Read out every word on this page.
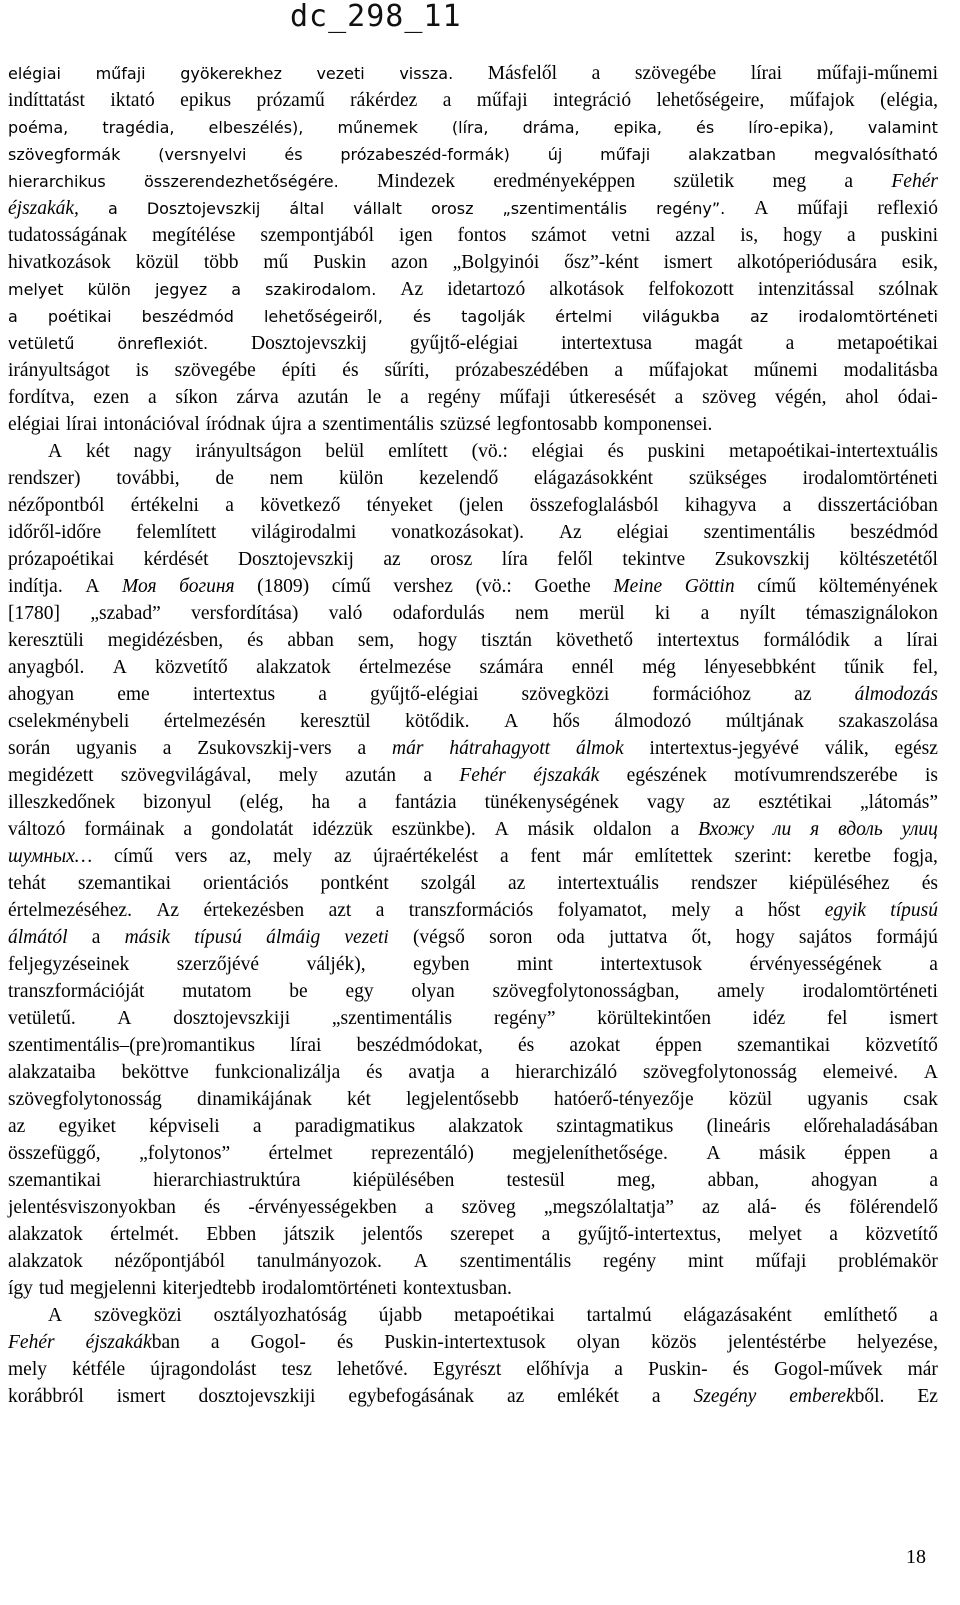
dc_298_11
elégiai műfaji gyökerekhez vezeti vissza. Másfelől a szövegébe lírai műfaji-műnemi
indíttatást iktató epikus prózamű rákérdez a műfaji integráció lehetőségeire, műfajok (elégia,
poéma, tragédia, elbeszélés), műnemek (líra, dráma, epika, és líro-epika), valamint
szövegformák (versnyelvi és prózabeszéd-formák) új műfaji alakzatban megvalósítható
hierarchikus összerendezhetőségére. Mindezek eredményeképpen születik meg a Fehér
éjszakák, a Dosztojevszkij által vállalt orosz „szentimentális regény”. A műfaji reflexió
tudatosságának megítélése szempontjából igen fontos számot vetni azzal is, hogy a puskini
hivatkozások közül több mű Puskin azon „Bolgyinói ősz”-ként ismert alkotóperiódusára esik,
melyet külön jegyez a szakirodalom. Az idetartozó alkotások felfokozott intenzitással szólnak
a poétikai beszédmód lehetőségeiről, és tagolják értelmi világukba az irodalomtörténeti
vetületű	önreflexiót. Dosztojevszkij gyűjtő-elégiai intertextusa magát a metapoétikai
irányultságot is szövegébe építi és sűríti, prózabeszédében a műfajokat műnemi modalitásba
fordítva, ezen a síkon zárva azután le a regény műfaji útkeresését a szöveg végén, ahol ódai-
elégiai lírai intonációval íródnak újra a szentimentális szüzsé legfontosabb komponensei.
A két nagy irányultságon belül említett (vö.: elégiai és puskini metapoétikai-intertextuális
rendszer) további, de nem külön kezelendő elágazásokként szükséges irodalomtörténeti
nézőpontból értékelni a következő tényeket (jelen összefoglalásból kihagyva a disszertációban
időről-időre felemlített világirodalmi vonatkozásokat). Az elégiai szentimentális beszédmód
prózapoétikai kérdését Dosztojevszkij az orosz líra felől tekintve Zsukovszkij költészetétől
indítja. A Моя богиня (1809) című vershez (vö.: Goethe Meine Göttin című költeményének
[1780] „szabad” versfordítása) való odafordulás nem merül ki a nyílt témaszignálokon
keresztüli megidézésben, és abban sem, hogy tisztán követhető intertextus formálódik a lírai
anyagból. A közvetítő alakzatok értelmezése számára ennél még lényesebbként tűnik fel,
ahogyan eme intertextus a gyűjtő-elégiai szövegközi formációhoz az álmodozás
cselekménybeli értelmezésén keresztül kötődik. A hős álmodozó múltjának szakaszolása
során ugyanis a Zsukovszkij-vers a már hátrahagyott álmok intertextus-jegyévé válik, egész
megidézett szövegvilágával, mely azután a Fehér éjszakák egészének motívumrendszerébe is
illeszkedőnek bizonyul (elég, ha a fantázia tünékenységének vagy az esztétikai „látomás”
változó formáinak a gondolatát idézzük eszünkbe). A másik oldalon a Вхожу ли я вдоль улиц
шумных… című vers az, mely az újraértékelést a fent már említettek szerint: keretbe fogja,
tehát szemantikai orientációs pontként szolgál az intertextuális rendszer kiépüléséhez és
értelmezéséhez. Az értekezésben azt a transzformációs folyamatot, mely a hőst egyik típusú
álmától a másik típusú álmáig vezeti (végső soron oda juttatva őt, hogy sajátos formájú
feljegyzéseinek szerzőjévé váljék), egyben mint intertextusok érvényességének a
transzformációját mutatom be egy olyan szövegfolytonosságban, amely irodalomtörténeti
vetületű. A dosztojevszkiji „szentimentális regény” körültekintően idéz fel ismert
szentimentális–(pre)romantikus lírai beszédmódokat, és azokat éppen szemantikai közvetítő
alakzataiba beköttve funkcionalizálja és avatja a hierarchizáló szövegfolytonosság elemeivé. A
szövegfolytonosság dinamikájának két legjelentősebb hatóerő-tényezője közül ugyanis csak
az egyiket képviseli a paradigmatikus alakzatok szintagmatikus (lineáris előrehaladásában
összefüggő, „folytonos” értelmet reprezentáló) megjeleníthetősége. A másik éppen a
szemantikai	hierarchiastruktúra	kiépülésében	testesül	meg,	abban,	ahogyan	a
jelentésviszonyokban és -érvényességekben a szöveg „megszólaltatja” az alá- és fölérendelő
alakzatok értelmét. Ebben játszik jelentős szerepet a gyűjtő-intertextus, melyet a közvetítő
alakzatok nézőpontjából tanulmányozok. A szentimentális regény mint műfaji problémakör
így tud megjelenni kiterjedtebb irodalomtörténeti kontextusban.
A szövegközi osztályozhatóság újabb metapoétikai tartalmú elágazásaként említhető a
Fehér éjszakákban a Gogol- és Puskin-intertextusok olyan közös jelentéstérbe helyezése,
mely kétféle újragondolást tesz lehetővé. Egyrészt előhívja a Puskin- és Gogol-művek már
korábbról ismert dosztojevszkiji egybefogásának az emlékét a Szegény emberekből. Ez
18
